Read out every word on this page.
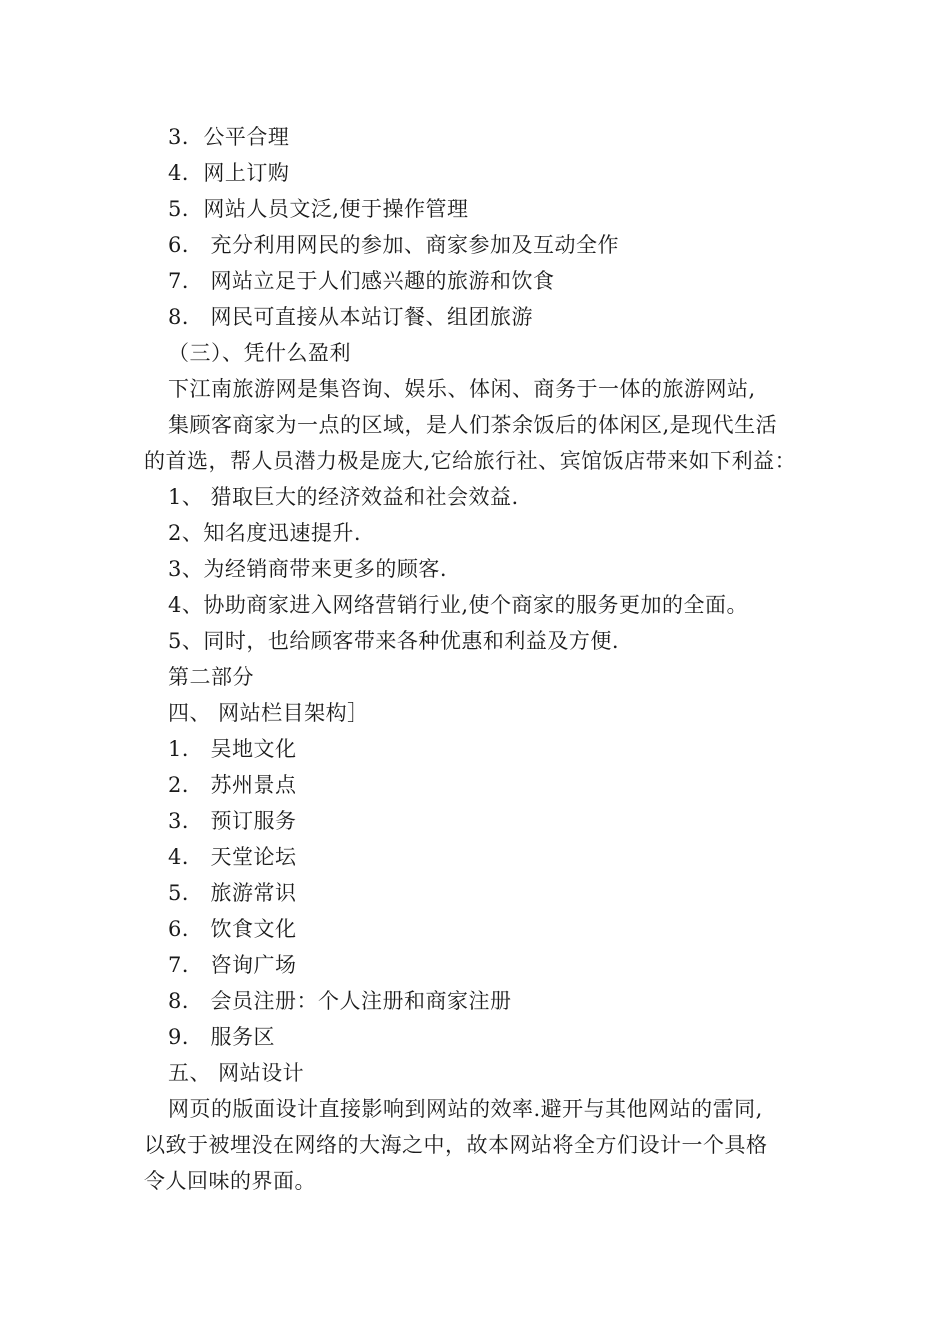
3．公平合理
4．网上订购
5．网站人员文泛,便于操作管理
6． 充分利用网民的参加、商家参加及互动全作
7． 网站立足于人们感兴趣的旅游和饮食
8． 网民可直接从本站订餐、组团旅游
（三）、凭什么盈利
下江南旅游网是集咨询、娱乐、体闲、商务于一体的旅游网站,
集顾客商家为一点的区域，是人们茶余饭后的体闲区,是现代生活
的首选，帮人员潜力极是庞大,它给旅行社、宾馆饭店带来如下利益：
1、 猎取巨大的经济效益和社会效益.
2、知名度迅速提升.
3、为经销商带来更多的顾客.
4、协助商家进入网络营销行业,使个商家的服务更加的全面。
5、同时，也给顾客带来各种优惠和利益及方便.
第二部分
四、 网站栏目架构］
1． 吴地文化
2． 苏州景点
3． 预订服务
4． 天堂论坛
5． 旅游常识
6． 饮食文化
7． 咨询广场
8． 会员注册：个人注册和商家注册
9． 服务区
五、 网站设计
网页的版面设计直接影响到网站的效率.避开与其他网站的雷同,
以致于被埋没在网络的大海之中，故本网站将全方们设计一个具格
令人回味的界面。
